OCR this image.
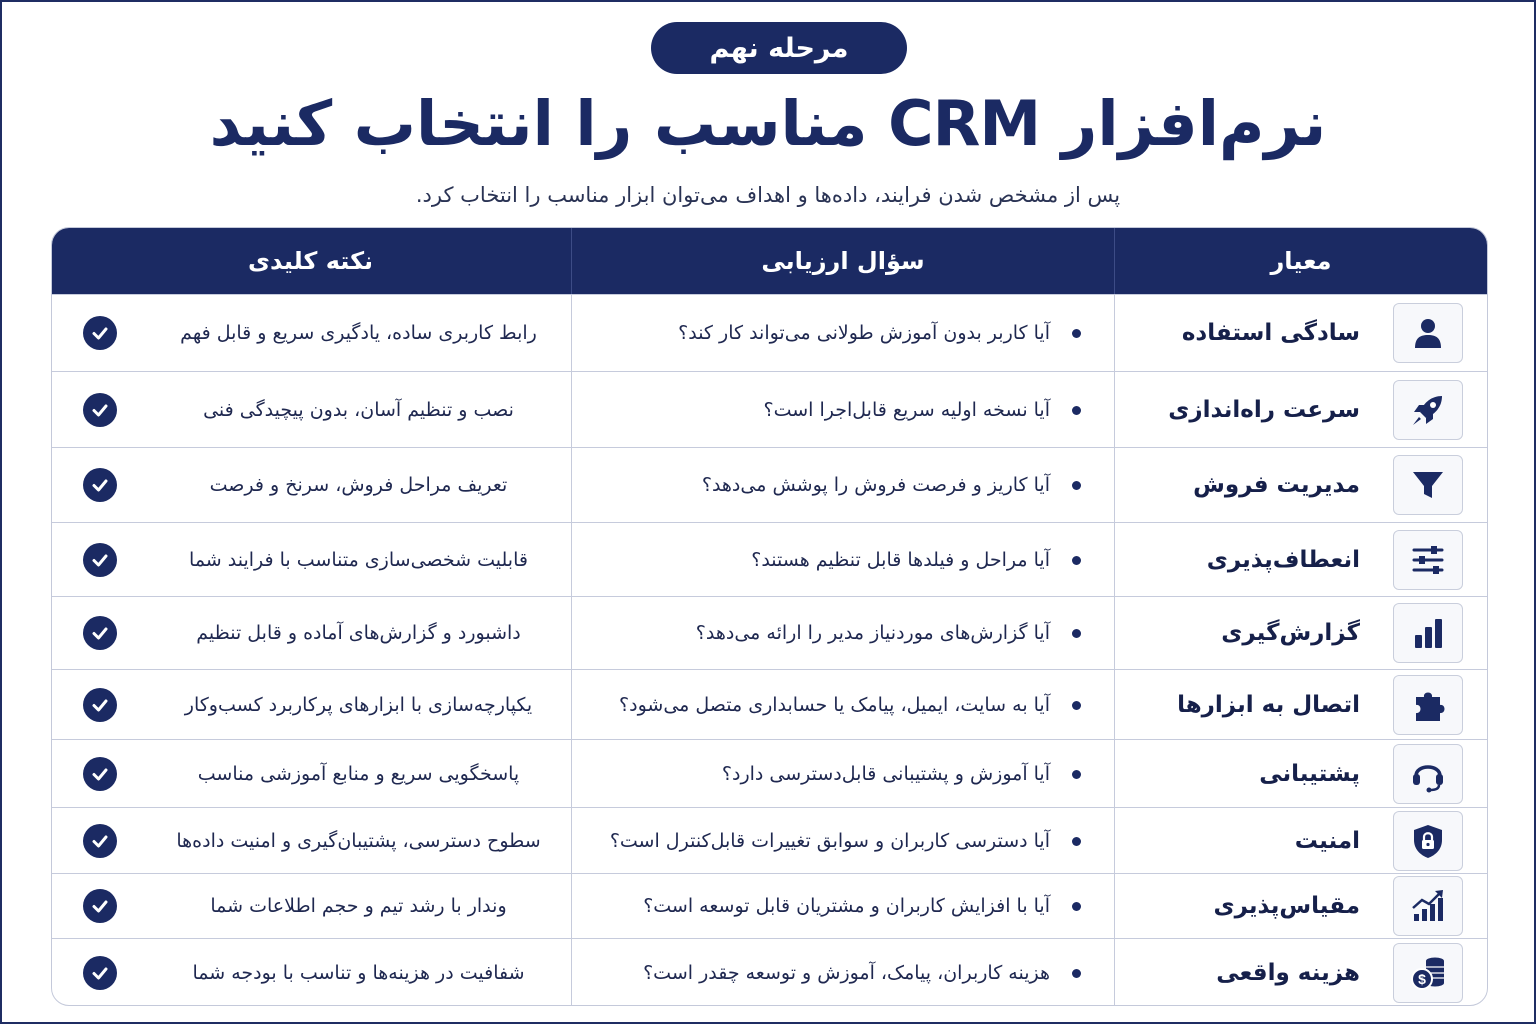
مرحله نهم
نرم‌افزار CRM مناسب را انتخاب کنید
پس از مشخص شدن فرایند، داده‌ها و اهداف می‌توان ابزار مناسب را انتخاب کرد.
معیار
سؤال ارزیابی
نکته کلیدی
سادگی استفاده
آیا کاربر بدون آموزش طولانی می‌تواند کار کند؟
رابط کاربری ساده، یادگیری سریع و قابل فهم
سرعت راه‌اندازی
آیا نسخه اولیه سریع قابل‌اجرا است؟
نصب و تنظیم آسان، بدون پیچیدگی فنی
مدیریت فروش
آیا کاریز و فرصت فروش را پوشش می‌دهد؟
تعریف مراحل فروش، سرنخ و فرصت
انعطاف‌پذیری
آیا مراحل و فیلدها قابل تنظیم هستند؟
قابلیت شخصی‌سازی متناسب با فرایند شما
گزارش‌گیری
آیا گزارش‌های موردنیاز مدیر را ارائه می‌دهد؟
داشبورد و گزارش‌های آماده و قابل تنظیم
اتصال به ابزارها
آیا به سایت، ایمیل، پیامک یا حسابداری متصل می‌شود؟
یکپارچه‌سازی با ابزارهای پرکاربرد کسب‌وکار
پشتیبانی
آیا آموزش و پشتیبانی قابل‌دسترسی دارد؟
پاسخگویی سریع و منابع آموزشی مناسب
امنیت
آیا دسترسی کاربران و سوابق تغییرات قابل‌کنترل است؟
سطوح دسترسی، پشتیبان‌گیری و امنیت داده‌ها
مقیاس‌پذیری
آیا با افزایش کاربران و مشتریان قابل توسعه است؟
وندار با رشد تیم و حجم اطلاعات شما
$
هزینه واقعی
هزینه کاربران، پیامک، آموزش و توسعه چقدر است؟
شفافیت در هزینه‌ها و تناسب با بودجه شما
